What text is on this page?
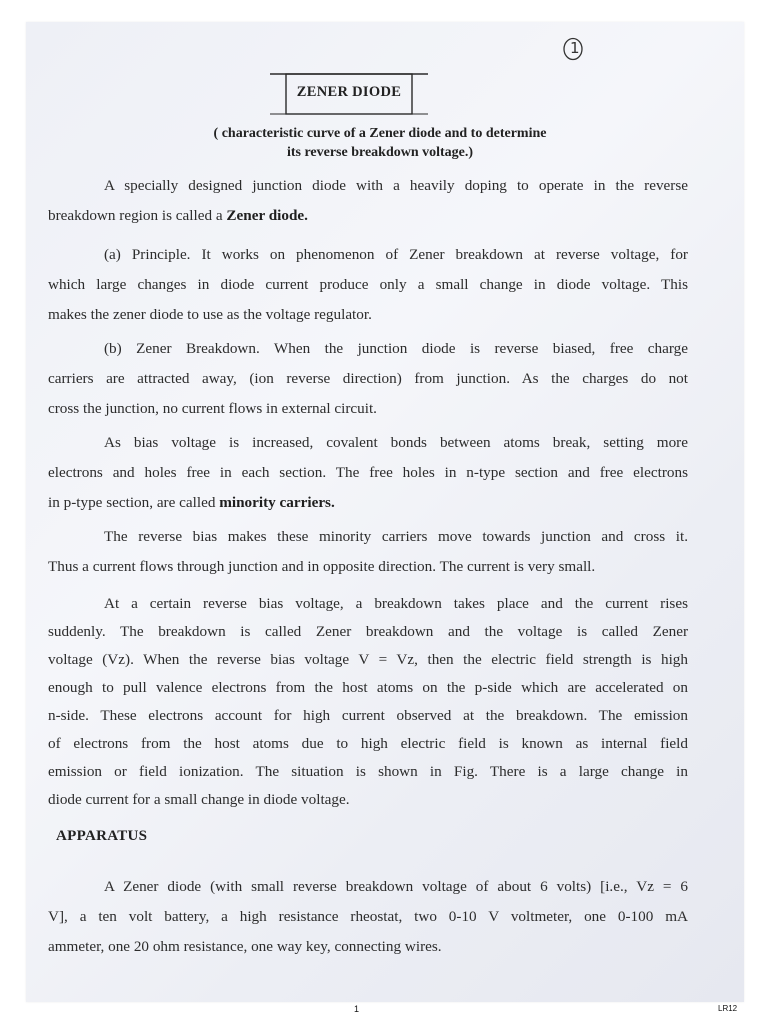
1
ZENER DIODE
( characteristic curve of a Zener diode and to determine
its reverse breakdown voltage.)
A specially designed junction diode with a heavily doping to operate in the reverse
breakdown region is called a Zener diode.
(a) Principle. It works on phenomenon of Zener breakdown at reverse voltage, for
which large changes in diode current produce only a small change in diode voltage. This
makes the zener diode to use as the voltage regulator.
(b) Zener Breakdown. When the junction diode is reverse biased, free charge
carriers are attracted away, (ion reverse direction) from junction. As the charges do not
cross the junction, no current flows in external circuit.
As bias voltage is increased, covalent bonds between atoms break, setting more
electrons and holes free in each section. The free holes in n-type section and free electrons
in p-type section, are called minority carriers.
The reverse bias makes these minority carriers move towards junction and cross it.
Thus a current flows through junction and in opposite direction. The current is very small.
At a certain reverse bias voltage, a breakdown takes place and the current rises
suddenly. The breakdown is called Zener breakdown and the voltage is called Zener
voltage (Vz). When the reverse bias voltage V = Vz, then the electric field strength is high
enough to pull valence electrons from the host atoms on the p-side which are accelerated on
n-side. These electrons account for high current observed at the breakdown. The emission
of electrons from the host atoms due to high electric field is known as internal field
emission or field ionization. The situation is shown in Fig. There is a large change in
diode current for a small change in diode voltage.
APPARATUS
A Zener diode (with small reverse breakdown voltage of about 6 volts) [i.e., Vz = 6
V], a ten volt battery, a high resistance rheostat, two 0-10 V voltmeter, one 0-100 mA
ammeter, one 20 ohm resistance, one way key, connecting wires.
1	LR12
